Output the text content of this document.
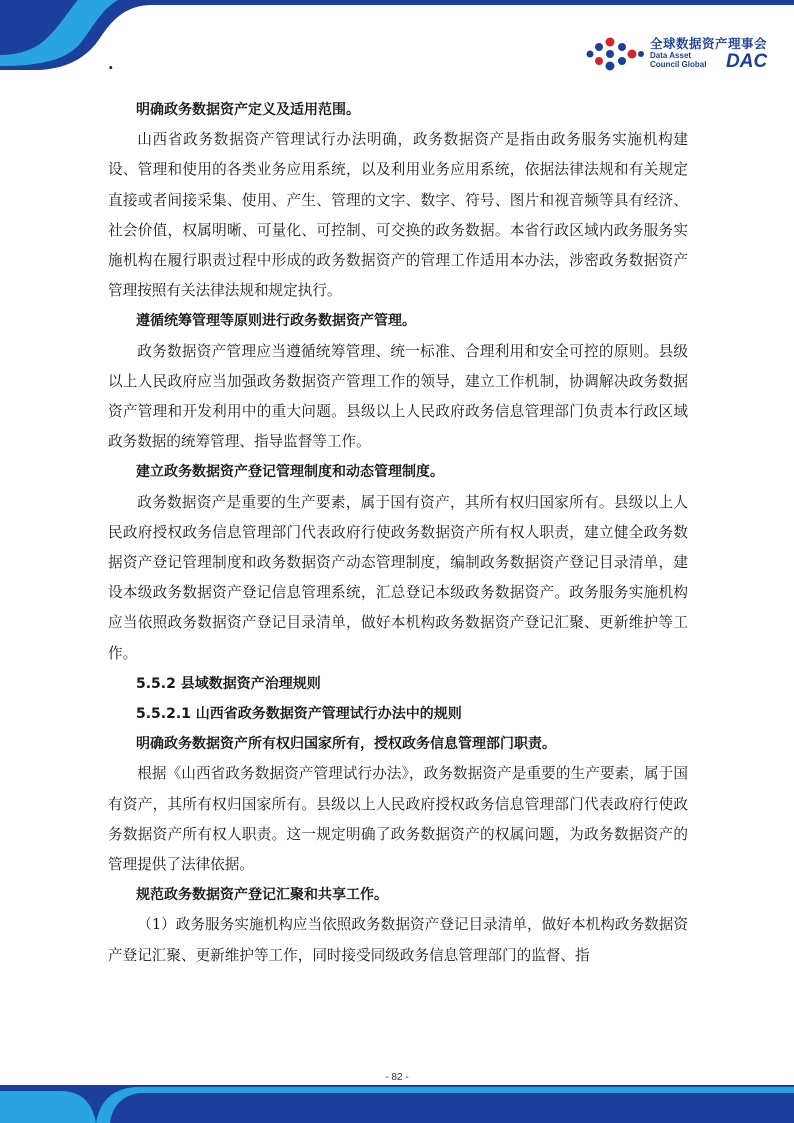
.
全球数据资产理事会
Data Asset
Council Global DAC

明确政务数据资产定义及适用范围。

山西省政务数据资产管理试行办法明确，政务数据资产是指由政务服务实施机构建设、管理和使用的各类业务应用系统，以及利用业务应用系统，依据法律法规和有关规定直接或者间接采集、使用、产生、管理的文字、数字、符号、图片和视音频等具有经济、社会价值，权属明晰、可量化、可控制、可交换的政务数据。本省行政区域内政务服务实施机构在履行职责过程中形成的政务数据资产的管理工作适用本办法，涉密政务数据资产管理按照有关法律法规和规定执行。

遵循统筹管理等原则进行政务数据资产管理。

政务数据资产管理应当遵循统筹管理、统一标准、合理利用和安全可控的原则。县级以上人民政府应当加强政务数据资产管理工作的领导，建立工作机制，协调解决政务数据资产管理和开发利用中的重大问题。县级以上人民政府政务信息管理部门负责本行政区域政务数据的统筹管理、指导监督等工作。

建立政务数据资产登记管理制度和动态管理制度。

政务数据资产是重要的生产要素，属于国有资产，其所有权归国家所有。县级以上人民政府授权政务信息管理部门代表政府行使政务数据资产所有权人职责，建立健全政务数据资产登记管理制度和政务数据资产动态管理制度，编制政务数据资产登记目录清单，建设本级政务数据资产登记信息管理系统，汇总登记本级政务数据资产。政务服务实施机构应当依照政务数据资产登记目录清单，做好本机构政务数据资产登记汇聚、更新维护等工作。

5.5.2 县域数据资产治理规则

5.5.2.1 山西省政务数据资产管理试行办法中的规则

明确政务数据资产所有权归国家所有，授权政务信息管理部门职责。

根据《山西省政务数据资产管理试行办法》，政务数据资产是重要的生产要素，属于国有资产，其所有权归国家所有。县级以上人民政府授权政务信息管理部门代表政府行使政务数据资产所有权人职责。这一规定明确了政务数据资产的权属问题，为政务数据资产的管理提供了法律依据。

规范政务数据资产登记汇聚和共享工作。

（1）政务服务实施机构应当依照政务数据资产登记目录清单，做好本机构政务数据资产登记汇聚、更新维护等工作，同时接受同级政务信息管理部门的监督、指

- 82 -
